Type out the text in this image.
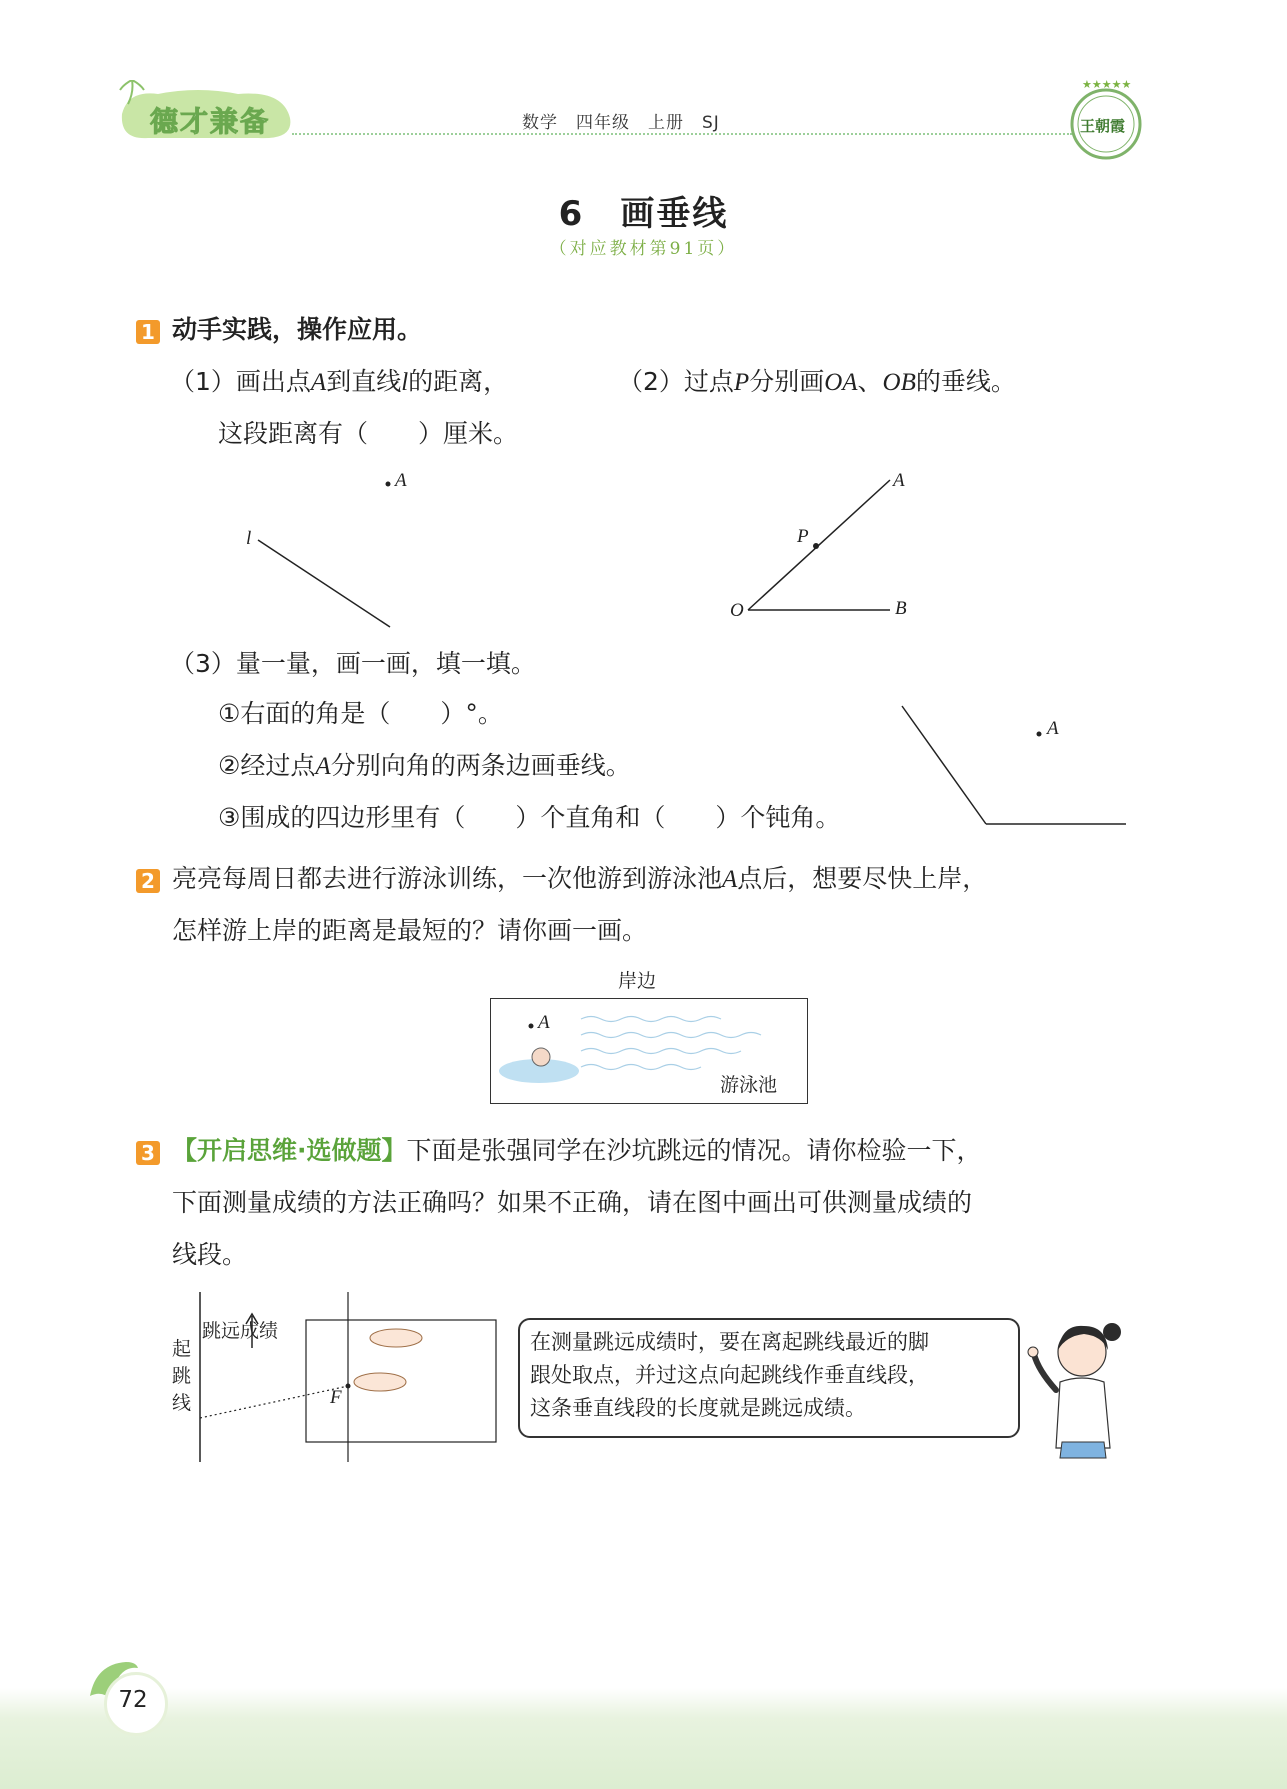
德才兼备	数学 四年级 上册 SJ
★★★★★
王朝霞
6　画垂线
（对应教材第91页）
1 动手实践，操作应用。
（1）画出点A到直线l的距离，
这段距离有（　　）厘米。
（2）过点P分别画OA、OB的垂线。
A
l
A
P
O	B
（3）量一量，画一画，填一填。
①右面的角是（　　）°。
②经过点A分别向角的两条边画垂线。
③围成的四边形里有（　　）个直角和（　　）个钝角。
A
2 亮亮每周日都去进行游泳训练，一次他游到游泳池A点后，想要尽快上岸，
怎样游上岸的距离是最短的？请你画一画。
岸边
A
游泳池
3 【开启思维·选做题】下面是张强同学在沙坑跳远的情况。请你检验一下，
下面测量成绩的方法正确吗？如果不正确，请在图中画出可供测量成绩的
线段。
跳远成绩
起
跳
线	F
在测量跳远成绩时，要在离起跳线最近的脚
跟处取点，并过这点向起跳线作垂直线段，
这条垂直线段的长度就是跳远成绩。
72
